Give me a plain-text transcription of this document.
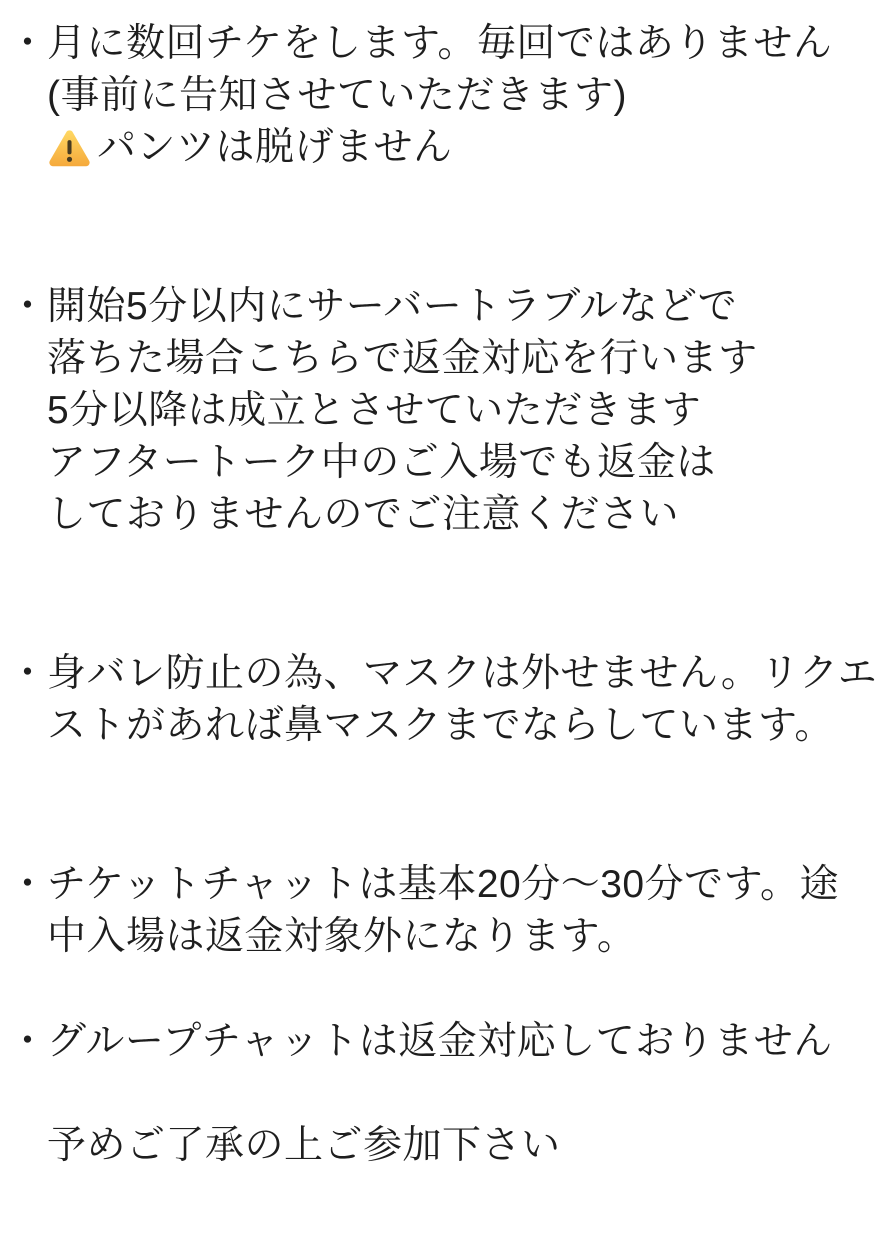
・ 月に数回チケをします。毎回ではありません
(事前に告知させていただきます)
パンツは脱げません
・ 開始5分以内にサーバートラブルなどで
落ちた場合こちらで返金対応を行います
5分以降は成立とさせていただきます
アフタートーク中のご入場でも返金は
しておりませんのでご注意ください
・ 身バレ防止の為、マスクは外せません。リクエ
ストがあれば鼻マスクまでならしています。
・ チケットチャットは基本20分〜30分です。途
中入場は返金対象外になります。
・ グループチャットは返金対応しておりません
予めご了承の上ご参加下さい
